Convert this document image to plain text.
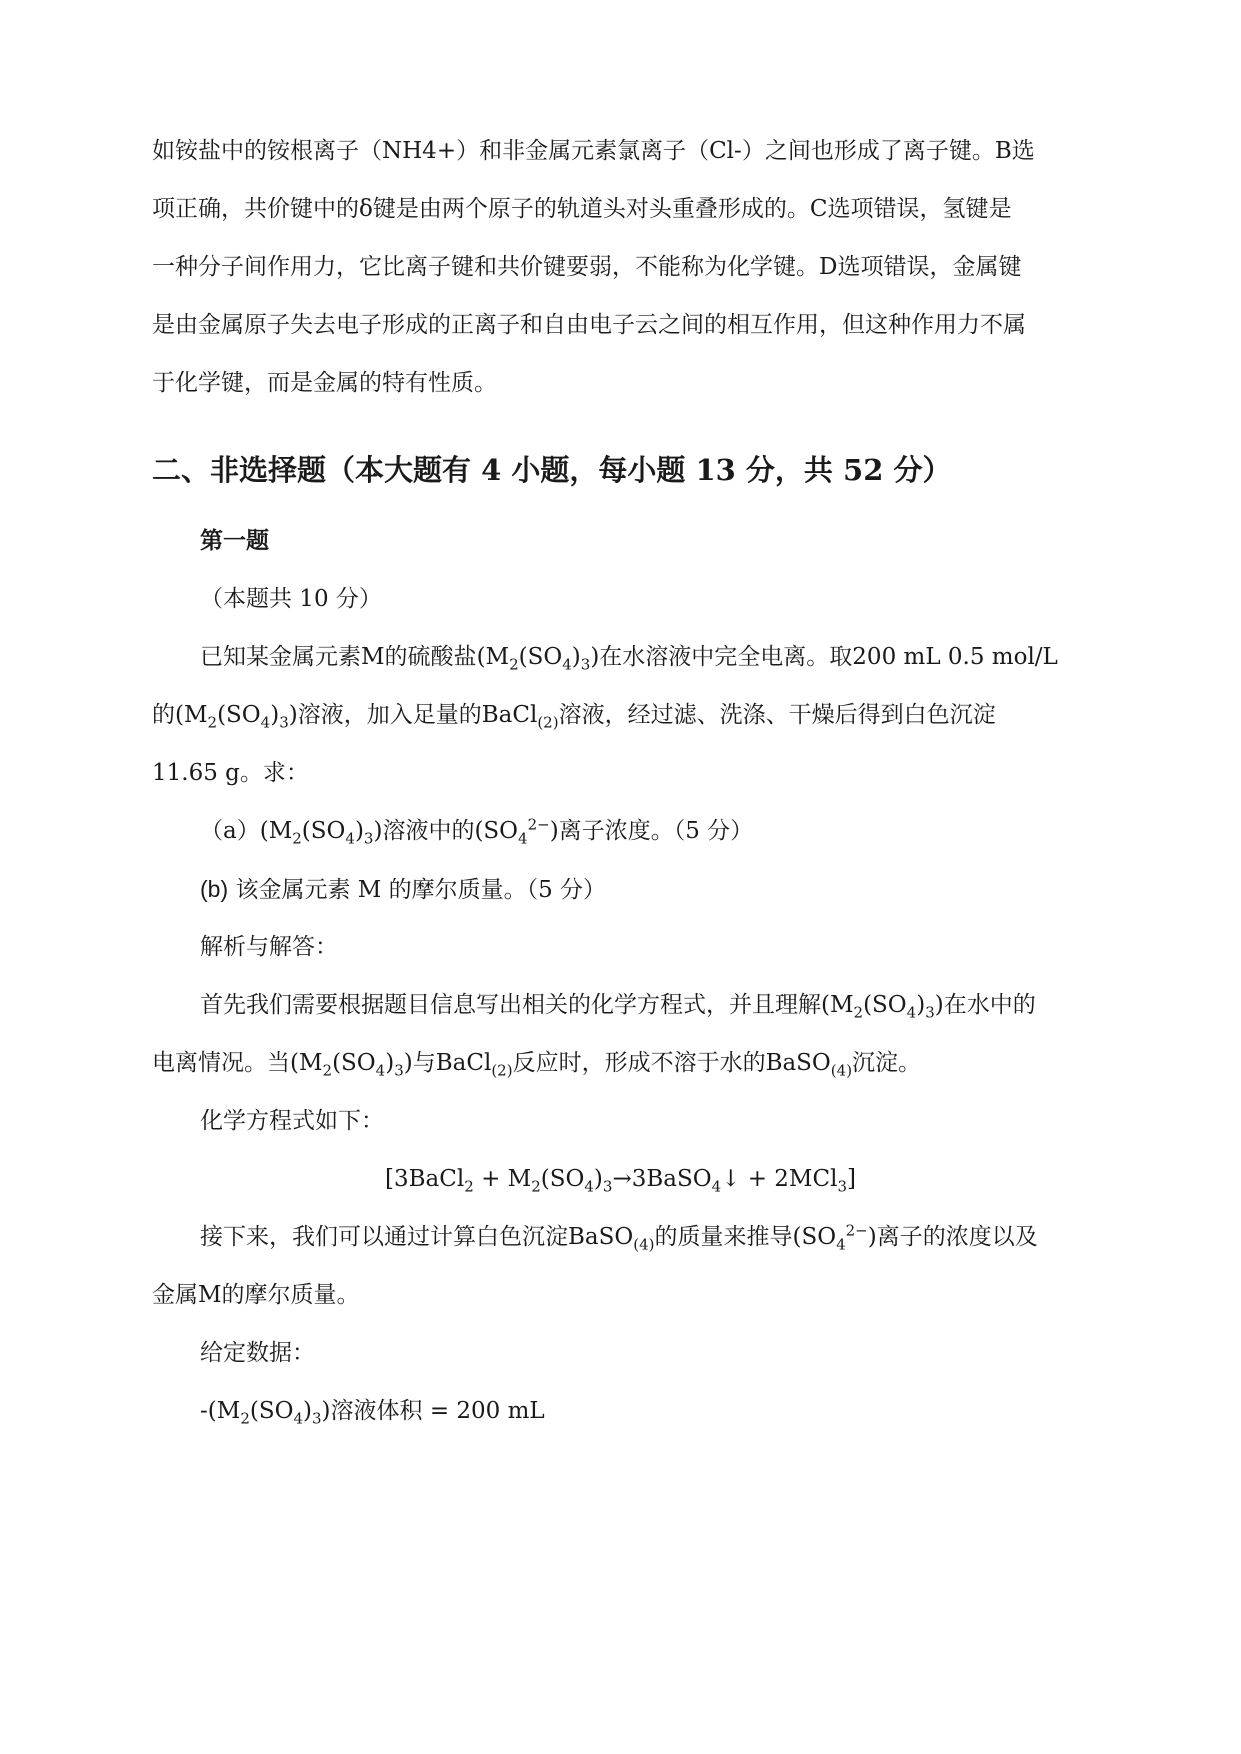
如铵盐中的铵根离子（NH4+）和非金属元素氯离子（Cl-）之间也形成了离子键。B选
项正确，共价键中的δ键是由两个原子的轨道头对头重叠形成的。C选项错误，氢键是
一种分子间作用力，它比离子键和共价键要弱，不能称为化学键。D选项错误，金属键
是由金属原子失去电子形成的正离子和自由电子云之间的相互作用，但这种作用力不属
于化学键，而是金属的特有性质。
二、非选择题（本大题有 4 小题，每小题 13 分，共 52 分）
第一题
（本题共 10 分）
已知某金属元素M的硫酸盐$(M_2(SO_4)_3)$在水溶液中完全电离。取200 mL 0.5 mol/L
的$(M_2(SO_4)_3)$溶液，加入足量的BaCl$_{(2)}$溶液，经过滤、洗涤、干燥后得到白色沉淀
11.65 g。求：
$(a)(M_2(SO_4)_3)$溶液中的$(SO_4^{2-})$离子浓度。（5 分）
(b) 该金属元素 M 的摩尔质量。（5 分）
解析与解答：
首先我们需要根据题目信息写出相关的化学方程式，并且理解$(M_2(SO_4)_3)$在水中的
电离情况。当$(M_2(SO_4)_3)$与BaCl$_{(2)}$反应时，形成不溶于水的BaSO$_{(4)}$沉淀。
化学方程式如下：
[3BaCl$_2$ + $M_2(SO_4)_3\to 3BaSO_4↓ + 2MCl_3$]
接下来，我们可以通过计算白色沉淀BaSO$_{(4)}$的质量来推导$(SO_4^{2-})$离子的浓度以及
金属M的摩尔质量。
给定数据：
$-(M_2(SO_4)_3)$溶液体积 = 200 mL
